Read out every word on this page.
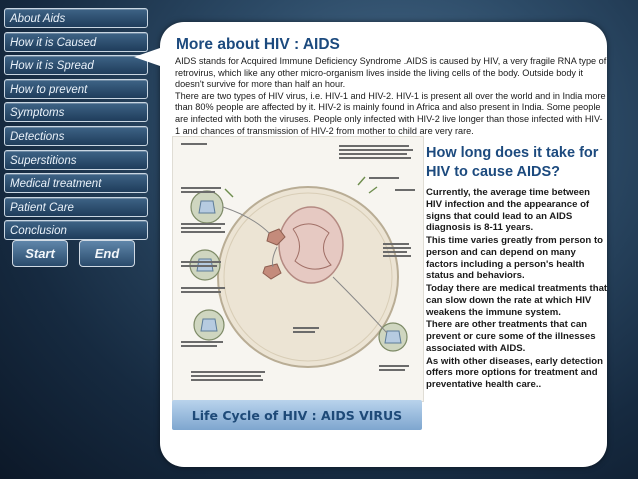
About Aids
How it is Caused
How it is Spread
How to prevent
Symptoms
Detections
Superstitions
Medical treatment
Patient Care
Conclusion
Start	End
More about HIV : AIDS

AIDS stands for Acquired Immune Deficiency Syndrome .AIDS is caused by HIV, a very fragile RNA type of retrovirus, which like any other micro-organism lives inside the living cells of the body. Outside body it doesn't survive for more than half an hour.

There are two types of HIV virus, i.e. HIV-1 and HIV-2. HIV-1 is present all over the world and in India more than 80% people are affected by it. HIV-2 is mainly found in Africa and also present in India. Some people are infected with both the viruses. People only infected with HIV-2 live longer than those infected with HIV-1 and chances of transmission of HIV-2 from mother to child are very rare.

Life Cycle of HIV : AIDS VIRUS
How long does it take for HIV to cause AIDS?

Currently, the average time between HIV infection and the appearance of signs that could lead to an AIDS diagnosis is 8-11 years.

This time varies greatly from person to person and can depend on many factors including a person's health status and behaviors.

Today there are medical treatments that can slow down the rate at which HIV weakens the immune system.

There are other treatments that can prevent or cure some of the illnesses associated with AIDS.

As with other diseases, early detection offers more options for treatment and preventative health care..
